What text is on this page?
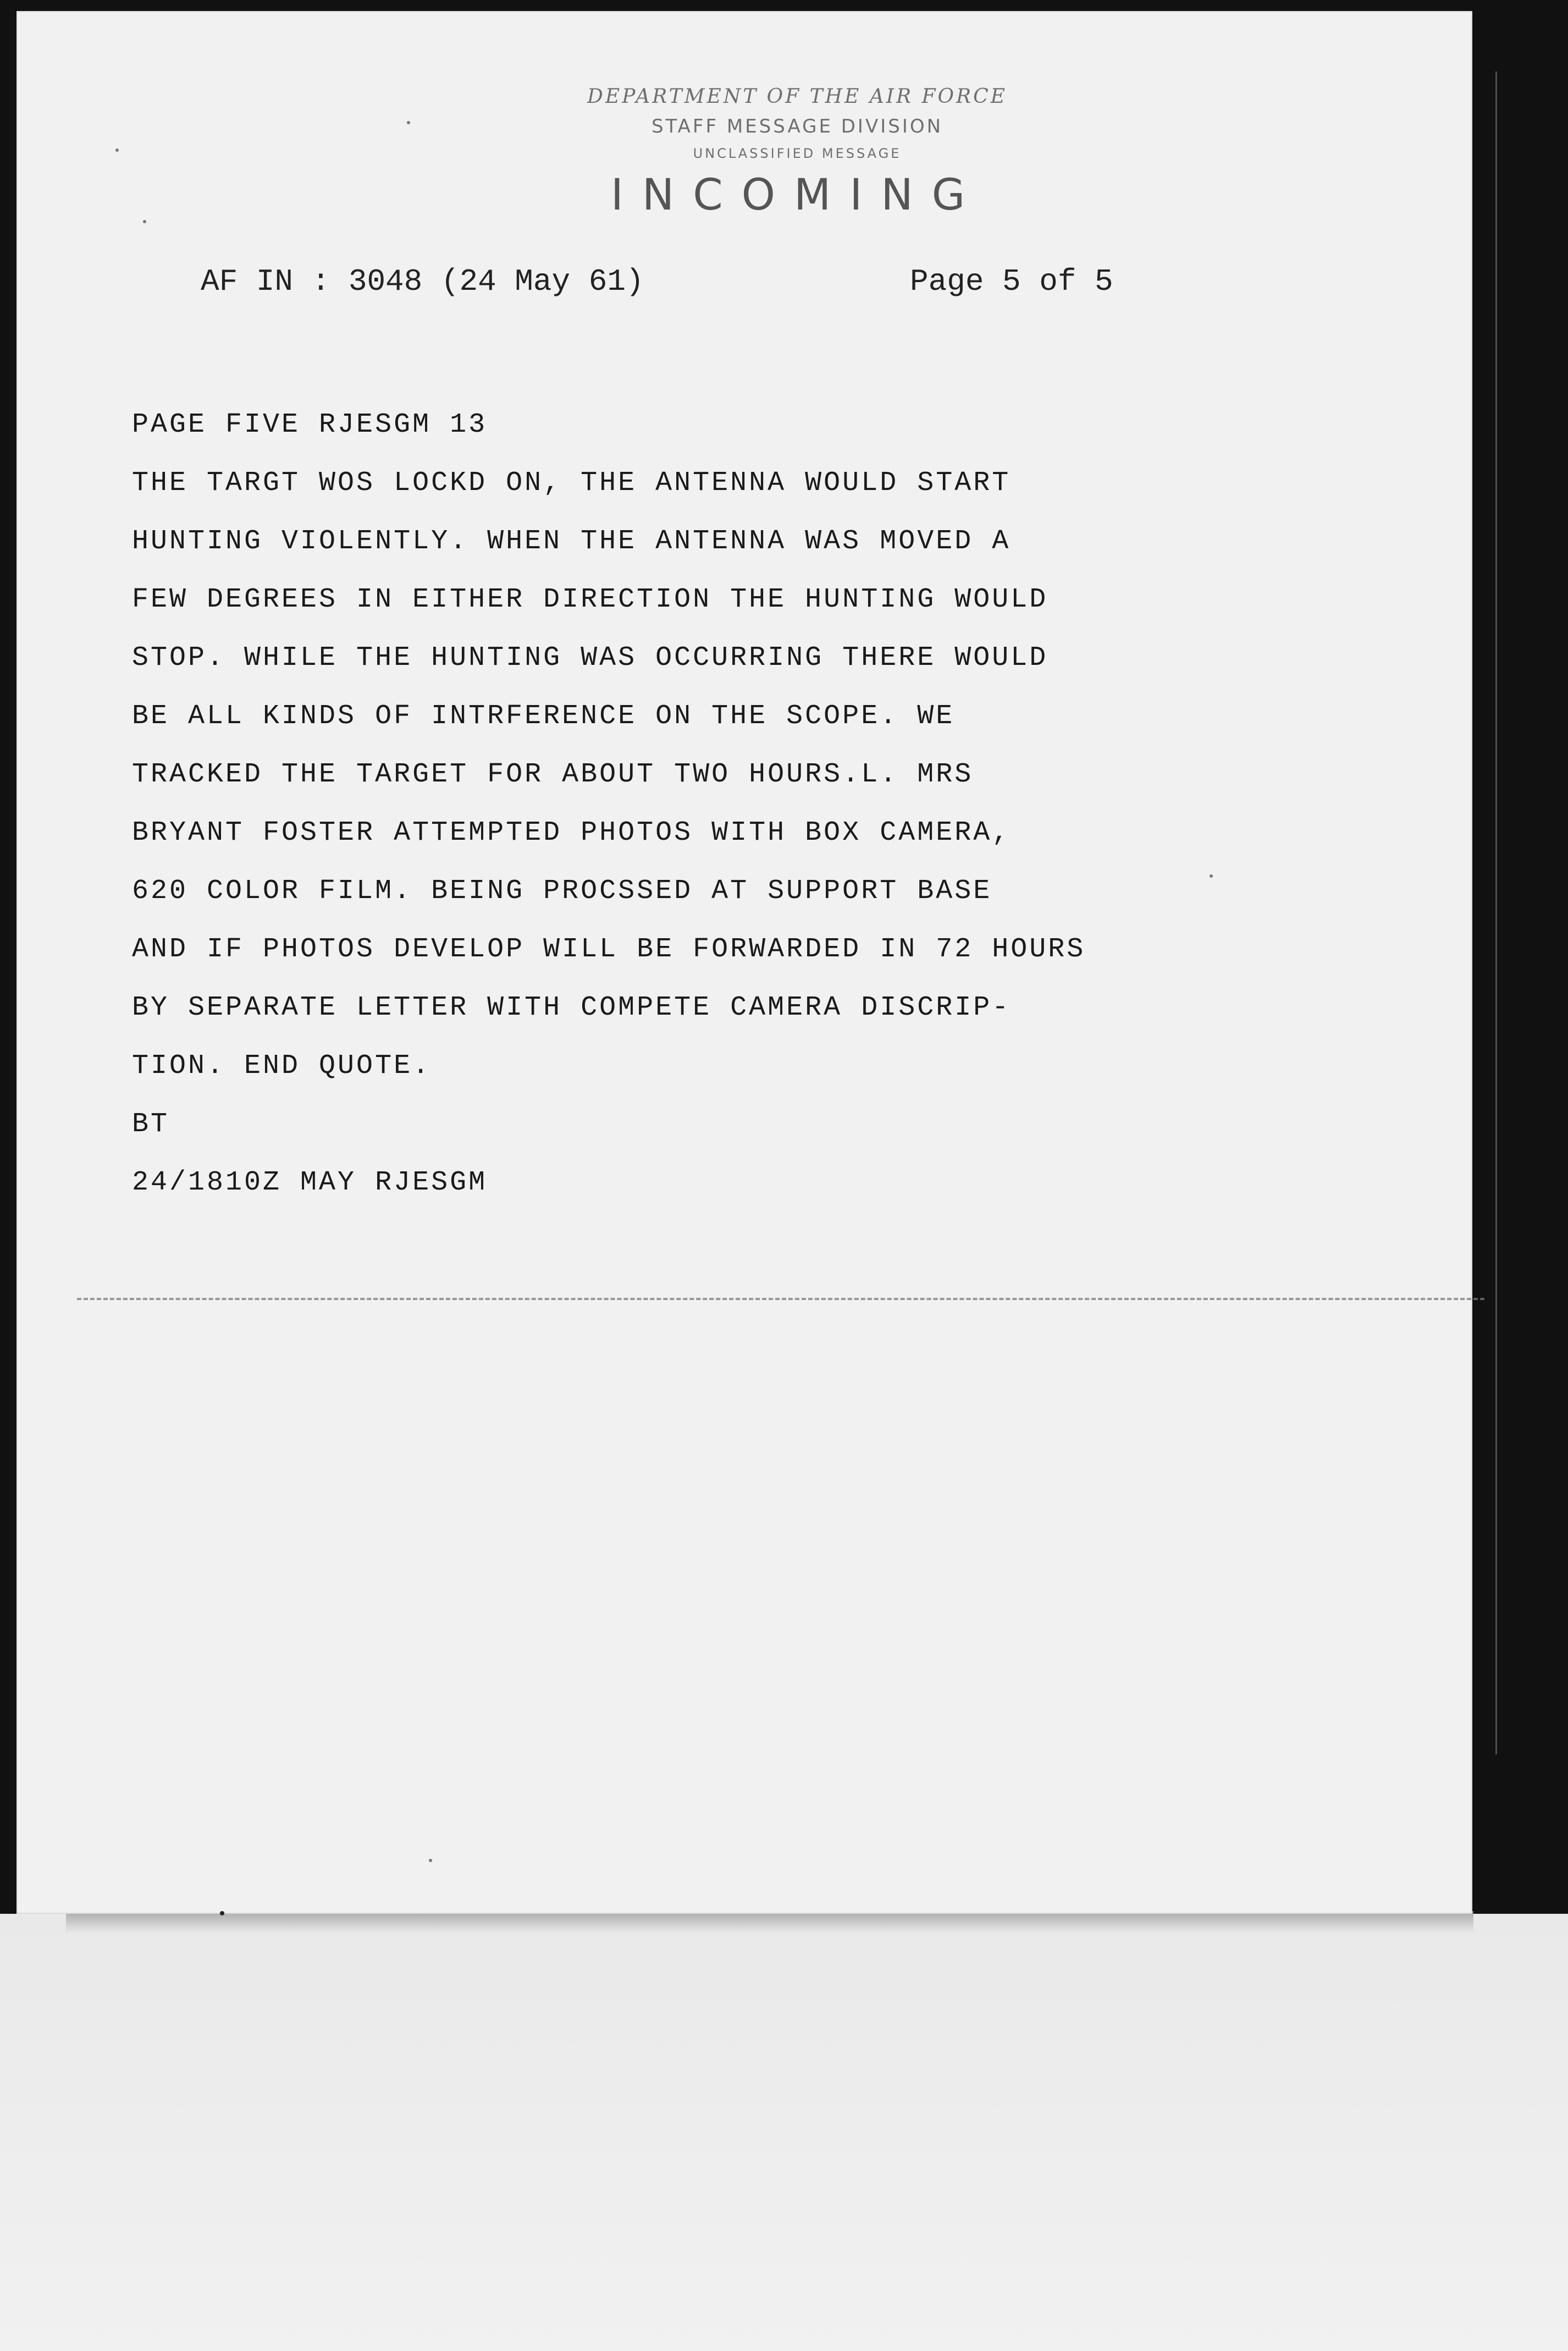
DEPARTMENT OF THE AIR FORCE
STAFF MESSAGE DIVISION
UNCLASSIFIED MESSAGE
INCOMING
AF IN : 3048 (24 May 61)	Page 5 of 5
PAGE FIVE RJESGM 13
THE TARGT WOS LOCKD ON, THE ANTENNA WOULD START
HUNTING VIOLENTLY. WHEN THE ANTENNA WAS MOVED A
FEW DEGREES IN EITHER DIRECTION THE HUNTING WOULD
STOP. WHILE THE HUNTING WAS OCCURRING THERE WOULD
BE ALL KINDS OF INTRFERENCE ON THE SCOPE. WE
TRACKED THE TARGET FOR ABOUT TWO HOURS.L. MRS
BRYANT FOSTER ATTEMPTED PHOTOS WITH BOX CAMERA,
620 COLOR FILM. BEING PROCSSED AT SUPPORT BASE
AND IF PHOTOS DEVELOP WILL BE FORWARDED IN 72 HOURS
BY SEPARATE LETTER WITH COMPETE CAMERA DISCRIP-
TION. END QUOTE.
BT
24/1810Z MAY RJESGM
